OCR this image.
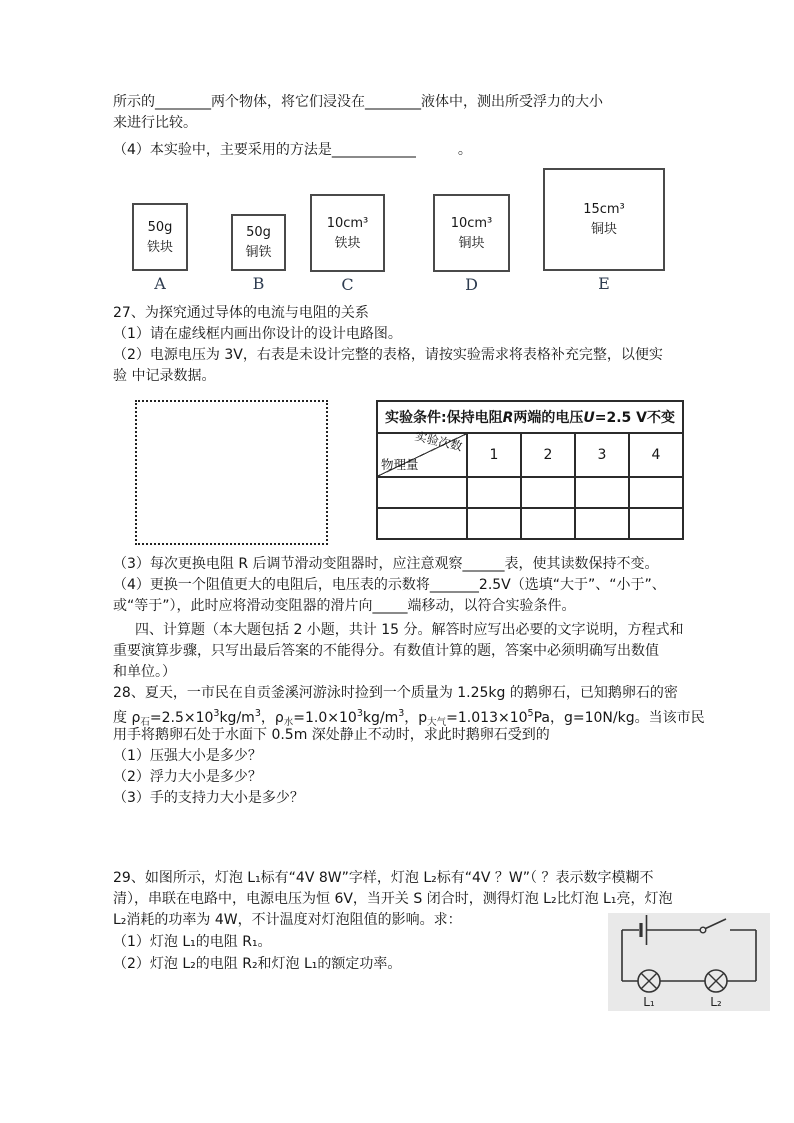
所示的________两个物体，将它们浸没在________液体中，测出所受浮力的大小
来进行比较。
（4）本实验中，主要采用的方法是____________　　　。
50g
铁块
A
50g
铜铁
B
10cm³
铁块
C
10cm³
铜块
D
15cm³
铜块
E
27、为探究通过导体的电流与电阻的关系
（1）请在虚线框内画出你设计的设计电路图。
（2）电源电压为 3V，右表是未设计完整的表格，请按实验需求将表格补充完整，以便实
验 中记录数据。
实验条件:保持电阻R两端的电压U=2.5 V不变				

实验次数
物理量	1	2	3	4

（3）每次更换电阻 R 后调节滑动变阻器时，应注意观察______表，使其读数保持不变。
（4）更换一个阻值更大的电阻后，电压表的示数将_______2.5V（选填“大于”、“小于”、
或“等于”），此时应将滑动变阻器的滑片向_____端移动，以符合实验条件。
四、计算题（本大题包括 2 小题，共计 15 分。解答时应写出必要的文字说明，方程式和
重要演算步骤，只写出最后答案的不能得分。有数值计算的题，答案中必须明确写出数值
和单位。）
28、夏天，一市民在自贡釜溪河游泳时捡到一个质量为 1.25kg 的鹅卵石，已知鹅卵石的密
度 $\rho_石=2.5\times 10^3kg/m^3$，$\rho_水=1.0\times 10^3kg/m^3$，$p_{大气}=1.013\times 10^5Pa$，g=10N/kg。当该市民
用手将鹅卵石处于水面下 0.5m 深处静止不动时，求此时鹅卵石受到的
（1）压强大小是多少？
（2）浮力大小是多少？
（3）手的支持力大小是多少？
29、如图所示，灯泡 L₁标有“4V 8W”字样，灯泡 L₂标有“4V ？W”（ ？表示数字模糊不
清），串联在电路中，电源电压为恒 6V，当开关 S 闭合时，测得灯泡 L₂比灯泡 L₁亮，灯泡
L₂消耗的功率为 4W，不计温度对灯泡阻值的影响。求：
（1）灯泡 L₁的电阻 R₁。
（2）灯泡 L₂的电阻 R₂和灯泡 L₁的额定功率。
L₁	L₂
